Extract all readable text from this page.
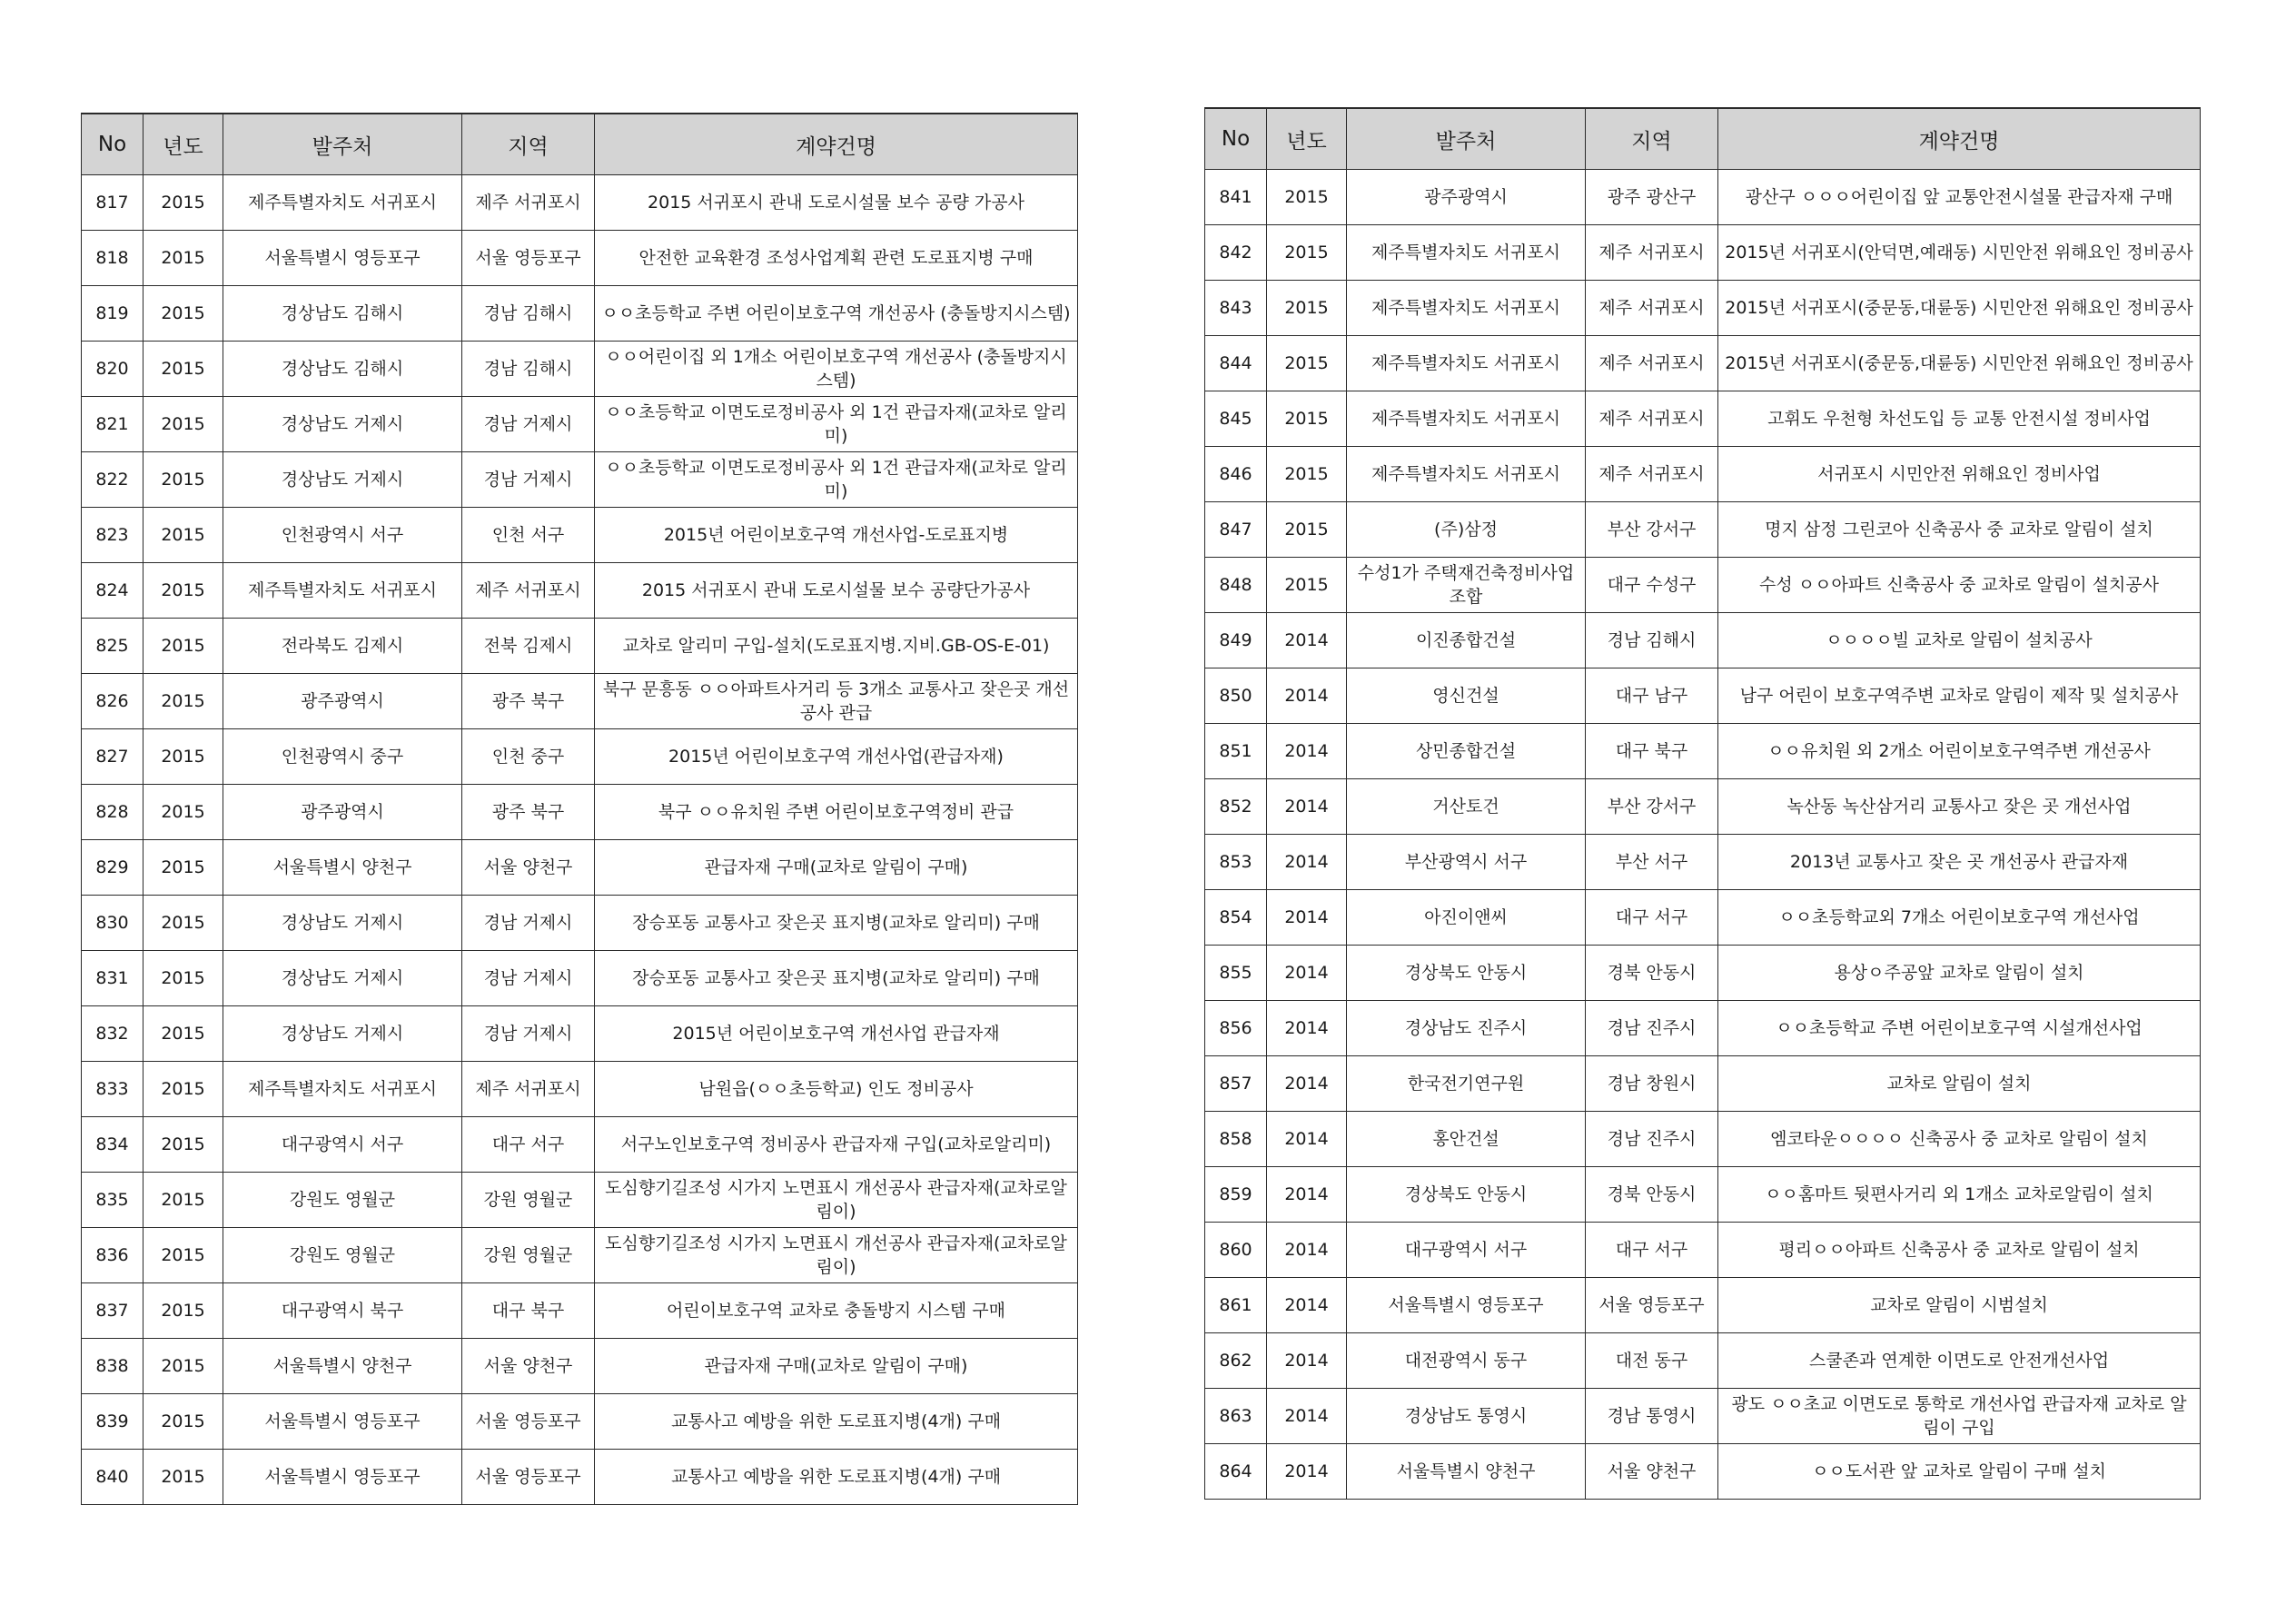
No	년도	발주처	지역	계약건명
817	2015	제주특별자치도 서귀포시	제주 서귀포시	2015 서귀포시 관내 도로시설물 보수 공량 가공사
818	2015	서울특별시 영등포구	서울 영등포구	안전한 교육환경 조성사업계획 관련 도로표지병 구매
819	2015	경상남도 김해시	경남 김해시	ㅇㅇ초등학교 주변 어린이보호구역 개선공사 (충돌방지시스템)
820	2015	경상남도 김해시	경남 김해시	ㅇㅇ어린이집 외 1개소 어린이보호구역 개선공사 (충돌방지시스템)
821	2015	경상남도 거제시	경남 거제시	ㅇㅇ초등학교 이면도로정비공사 외 1건 관급자재(교차로 알리미)
822	2015	경상남도 거제시	경남 거제시	ㅇㅇ초등학교 이면도로정비공사 외 1건 관급자재(교차로 알리미)
823	2015	인천광역시 서구	인천 서구	2015년 어린이보호구역 개선사업-도로표지병
824	2015	제주특별자치도 서귀포시	제주 서귀포시	2015 서귀포시 관내 도로시설물 보수 공량단가공사
825	2015	전라북도 김제시	전북 김제시	교차로 알리미 구입-설치(도로표지병.지비.GB-OS-E-01)
826	2015	광주광역시	광주 북구	북구 문흥동 ㅇㅇ아파트사거리 등 3개소 교통사고 잦은곳 개선공사 관급
827	2015	인천광역시 중구	인천 중구	2015년 어린이보호구역 개선사업(관급자재)
828	2015	광주광역시	광주 북구	북구 ㅇㅇ유치원 주변 어린이보호구역정비 관급
829	2015	서울특별시 양천구	서울 양천구	관급자재 구매(교차로 알림이 구매)
830	2015	경상남도 거제시	경남 거제시	장승포동 교통사고 잦은곳 표지병(교차로 알리미) 구매
831	2015	경상남도 거제시	경남 거제시	장승포동 교통사고 잦은곳 표지병(교차로 알리미) 구매
832	2015	경상남도 거제시	경남 거제시	2015년 어린이보호구역 개선사업 관급자재
833	2015	제주특별자치도 서귀포시	제주 서귀포시	남원읍(ㅇㅇ초등학교) 인도 정비공사
834	2015	대구광역시 서구	대구 서구	서구노인보호구역 정비공사 관급자재 구입(교차로알리미)
835	2015	강원도 영월군	강원 영월군	도심향기길조성 시가지 노면표시 개선공사 관급자재(교차로알림이)
836	2015	강원도 영월군	강원 영월군	도심향기길조성 시가지 노면표시 개선공사 관급자재(교차로알림이)
837	2015	대구광역시 북구	대구 북구	어린이보호구역 교차로 충돌방지 시스템 구매
838	2015	서울특별시 양천구	서울 양천구	관급자재 구매(교차로 알림이 구매)
839	2015	서울특별시 영등포구	서울 영등포구	교통사고 예방을 위한 도로표지병(4개) 구매
840	2015	서울특별시 영등포구	서울 영등포구	교통사고 예방을 위한 도로표지병(4개) 구매
No	년도	발주처	지역	계약건명
841	2015	광주광역시	광주 광산구	광산구 ㅇㅇㅇ어린이집 앞 교통안전시설물 관급자재 구매
842	2015	제주특별자치도 서귀포시	제주 서귀포시	2015년 서귀포시(안덕면,예래동) 시민안전 위해요인 정비공사
843	2015	제주특별자치도 서귀포시	제주 서귀포시	2015년 서귀포시(중문동,대륜동) 시민안전 위해요인 정비공사
844	2015	제주특별자치도 서귀포시	제주 서귀포시	2015년 서귀포시(중문동,대륜동) 시민안전 위해요인 정비공사
845	2015	제주특별자치도 서귀포시	제주 서귀포시	고휘도 우천형 차선도입 등 교통 안전시설 정비사업
846	2015	제주특별자치도 서귀포시	제주 서귀포시	서귀포시 시민안전 위해요인 정비사업
847	2015	(주)삼정	부산 강서구	명지 삼정 그린코아 신축공사 중 교차로 알림이 설치
848	2015	수성1가 주택재건축정비사업조합	대구 수성구	수성 ㅇㅇ아파트 신축공사 중 교차로 알림이 설치공사
849	2014	이진종합건설	경남 김해시	ㅇㅇㅇㅇ빌 교차로 알림이 설치공사
850	2014	영신건설	대구 남구	남구 어린이 보호구역주변 교차로 알림이 제작 및 설치공사
851	2014	상민종합건설	대구 북구	ㅇㅇ유치원 외 2개소 어린이보호구역주변 개선공사
852	2014	거산토건	부산 강서구	녹산동 녹산삼거리 교통사고 잦은 곳 개선사업
853	2014	부산광역시 서구	부산 서구	2013년 교통사고 잦은 곳 개선공사 관급자재
854	2014	아진이앤씨	대구 서구	ㅇㅇ초등학교외 7개소 어린이보호구역 개선사업
855	2014	경상북도 안동시	경북 안동시	용상ㅇ주공앞 교차로 알림이 설치
856	2014	경상남도 진주시	경남 진주시	ㅇㅇ초등학교 주변 어린이보호구역 시설개선사업
857	2014	한국전기연구원	경남 창원시	교차로 알림이 설치
858	2014	홍안건설	경남 진주시	엠코타운ㅇㅇㅇㅇ 신축공사 중 교차로 알림이 설치
859	2014	경상북도 안동시	경북 안동시	ㅇㅇ홈마트 뒷편사거리 외 1개소 교차로알림이 설치
860	2014	대구광역시 서구	대구 서구	평리ㅇㅇ아파트 신축공사 중 교차로 알림이 설치
861	2014	서울특별시 영등포구	서울 영등포구	교차로 알림이 시범설치
862	2014	대전광역시 동구	대전 동구	스쿨존과 연계한 이면도로 안전개선사업
863	2014	경상남도 통영시	경남 통영시	광도 ㅇㅇ초교 이면도로 통학로 개선사업 관급자재 교차로 알림이 구입
864	2014	서울특별시 양천구	서울 양천구	ㅇㅇ도서관 앞 교차로 알림이 구매 설치
